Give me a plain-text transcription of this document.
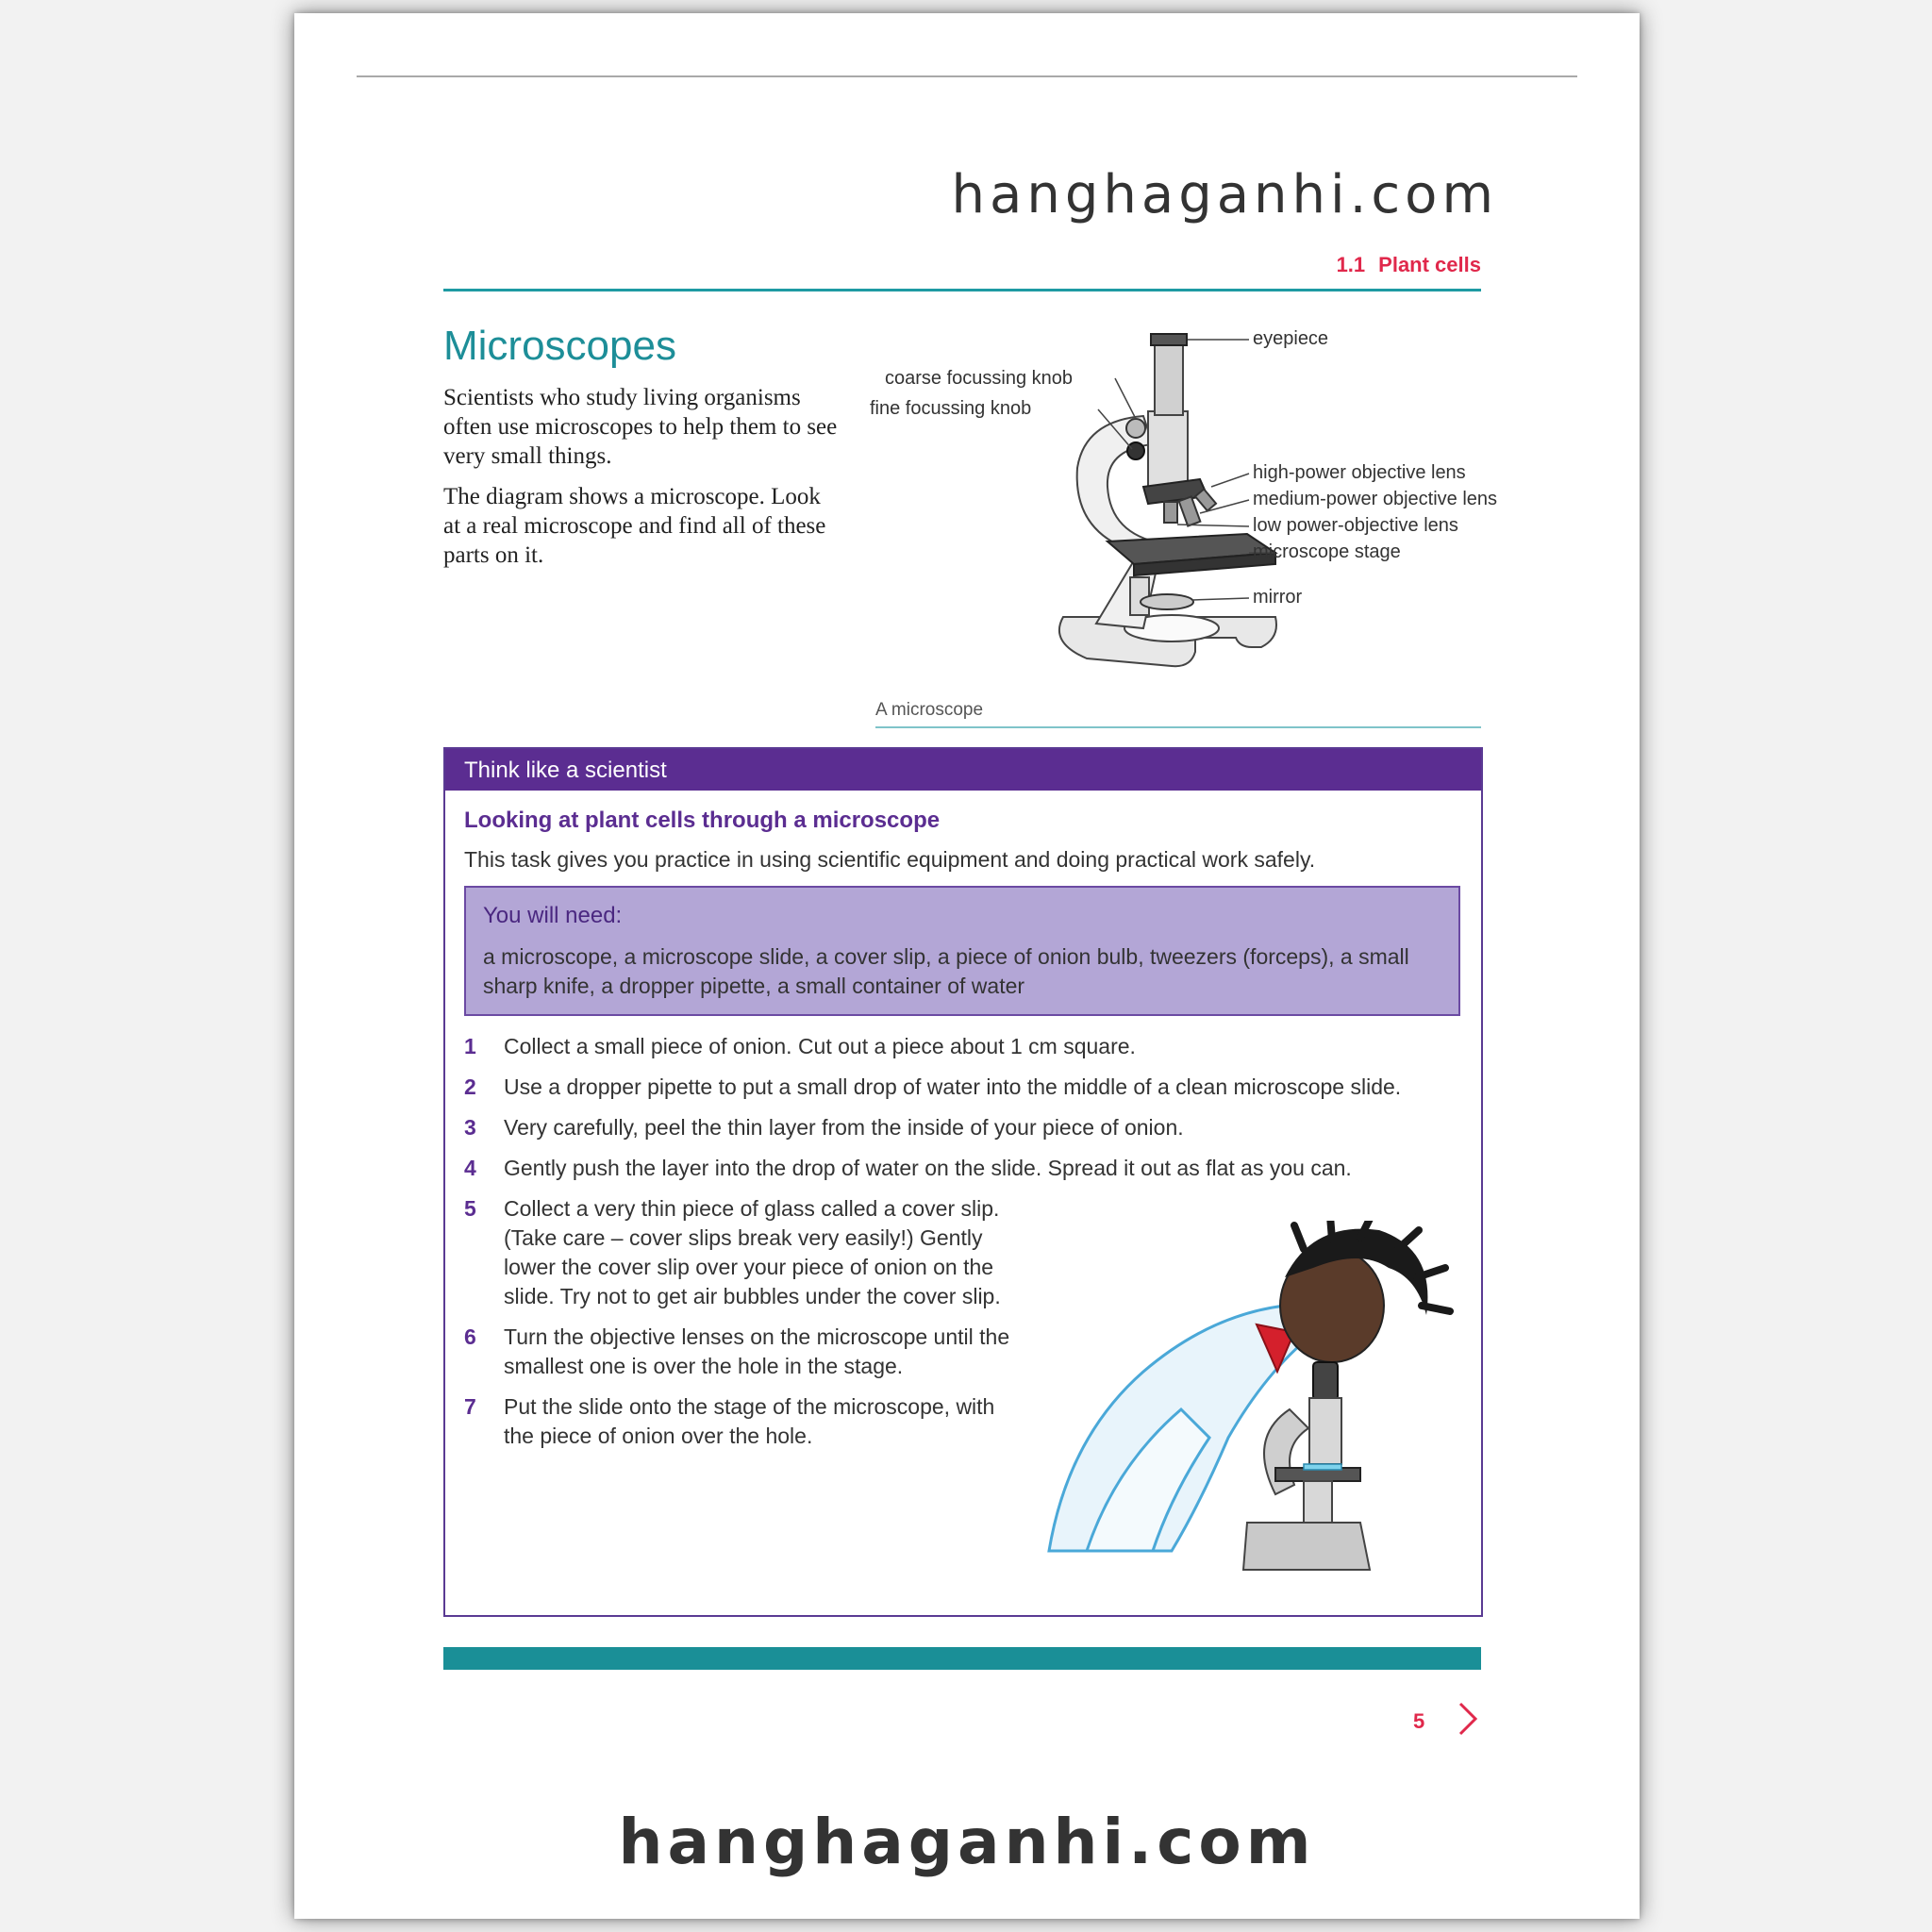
hanghaganhi.com
1.1 Plant cells
Microscopes

Scientists who study living organisms often use microscopes to help them to see very small things.

The diagram shows a microscope. Look at a real microscope and find all of these parts on it.

eyepiece
coarse focussing knob
fine focussing knob
high-power objective lens
medium-power objective lens
low power-objective lens
microscope stage
mirror
A microscope
Think like a scientist
Looking at plant cells through a microscope
This task gives you practice in using scientific equipment and doing practical work safely.
You will need:
a microscope, a microscope slide, a cover slip, a piece of onion bulb, tweezers (forceps), a small sharp knife, a dropper pipette, a small container of water
1 Collect a small piece of onion. Cut out a piece about 1 cm square.
2 Use a dropper pipette to put a small drop of water into the middle of a clean microscope slide.
3 Very carefully, peel the thin layer from the inside of your piece of onion.
4 Gently push the layer into the drop of water on the slide. Spread it out as flat as you can.
5 Collect a very thin piece of glass called a cover slip. (Take care – cover slips break very easily!) Gently lower the cover slip over your piece of onion on the slide. Try not to get air bubbles under the cover slip.
6 Turn the objective lenses on the microscope until the smallest one is over the hole in the stage.
7 Put the slide onto the stage of the microscope, with the piece of onion over the hole.
5
hanghaganhi.com
